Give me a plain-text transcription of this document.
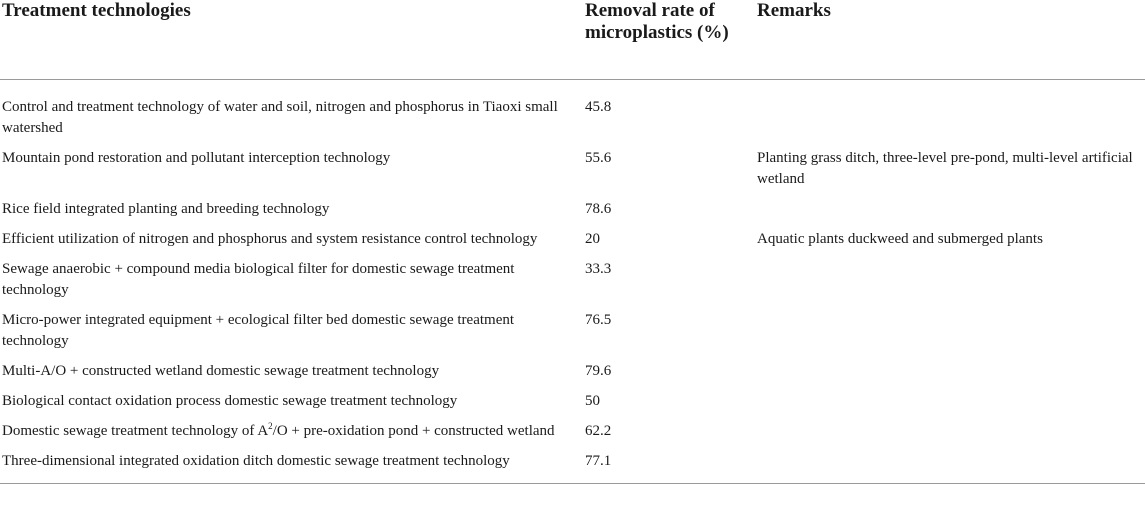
Treatment technologies	Removal rate of microplastics (%)	Remarks

Control and treatment technology of water and soil, nitrogen and phosphorus in Tiaoxi small watershed	45.8	
Mountain pond restoration and pollutant interception technology	55.6	Planting grass ditch, three-level pre-pond, multi-level artificial wetland
Rice field integrated planting and breeding technology	78.6	
Efficient utilization of nitrogen and phosphorus and system resistance control technology	20	Aquatic plants duckweed and submerged plants
Sewage anaerobic + compound media biological filter for domestic sewage treatment technology	33.3	
Micro-power integrated equipment + ecological filter bed domestic sewage treatment technology	76.5	
Multi-A/O + constructed wetland domestic sewage treatment technology	79.6	
Biological contact oxidation process domestic sewage treatment technology	50	
Domestic sewage treatment technology of $A^2/O$ + pre-oxidation pond + constructed wetland	62.2	
Three-dimensional integrated oxidation ditch domestic sewage treatment technology	77.1	
